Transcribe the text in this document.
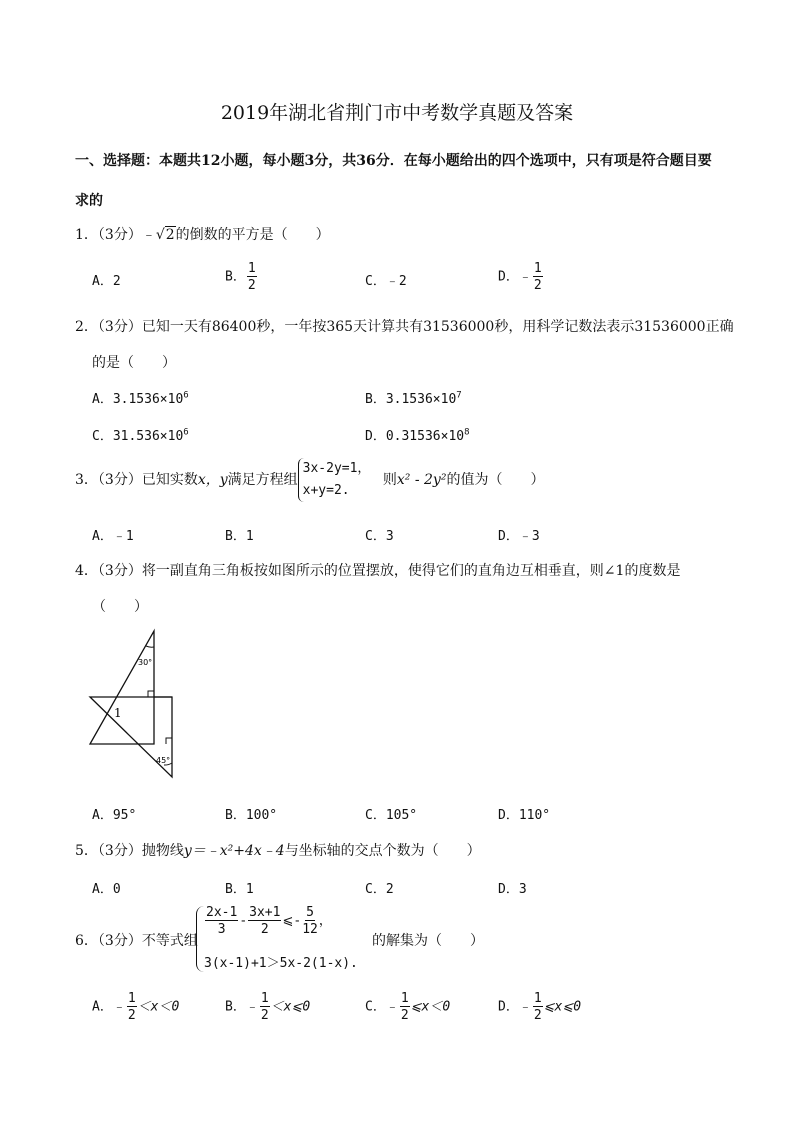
2019年湖北省荆门市中考数学真题及答案
一、选择题：本题共12小题，每小题3分，共36分．在每小题给出的四个选项中，只有项是符合题目要
求的
1．（3分）﹣√2的倒数的平方是（　　）
A．2	B． $\frac{1}{2}$	C．﹣2	D．﹣ $\frac{1}{2}$
2．（3分）已知一天有86400秒，一年按365天计算共有31536000秒，用科学记数法表示31536000正确
的是（　　）
A．$3.1536\times 10^6$	B．$3.1536\times 10^7$
C．$31.536\times 10^6$	D．$0.31536\times 10^8$
3．（3分）已知实数x，y满足方程组3x-2y=1，
x+y=2. 则x² - 2y²的值为（　　）
A．﹣1	B．1	C．3	D．﹣3
4．（3分）将一副直角三角板按如图所示的位置摆放，使得它们的直角边互相垂直，则∠1的度数是
（　　）
30°
45°
1
A．95°	B．100°	C．105°	D．110°
5．（3分）抛物线y＝﹣x²+4x﹣4与坐标轴的交点个数为（　　）
A．0	B．1	C．2	D．3
6．（3分）不等式组
$\frac{2x-1}{3} - \frac{3x+1}{2}$ ⩽- $\frac{5}{12}$ ，
3(x-1)+1＞5x-2(1-x).
的解集为（　　）
A．﹣ $\frac{1}{2} <x<0$	B．﹣ $\frac{1}{2}$ ＜x⩽0	C．﹣ $\frac{1}{2}$ ⩽x＜0	D．﹣ $\frac{1}{2}$ ⩽x⩽0
